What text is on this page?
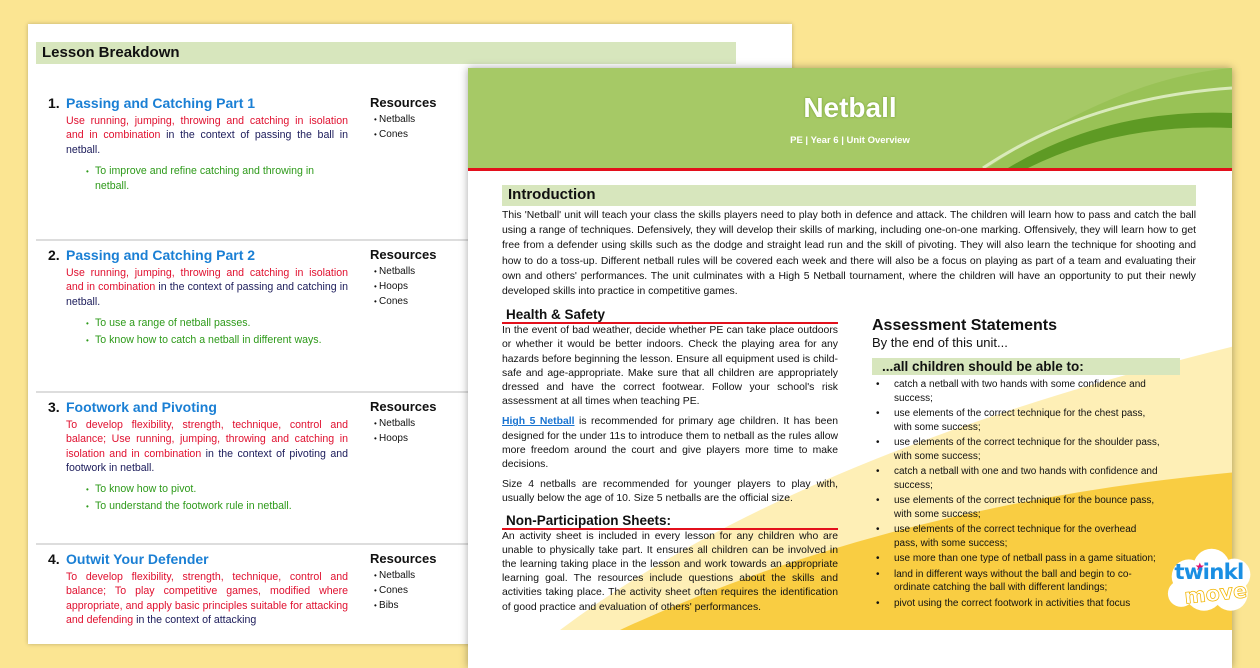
Lesson Breakdown
1. Passing and Catching Part 1
Use running, jumping, throwing and catching in isolation and in combination in the context of passing the ball in netball.
• To improve and refine catching and throwing in netball.
Resources
• Netballs
• Cones
2. Passing and Catching Part 2
Use running, jumping, throwing and catching in isolation and in combination in the context of passing and catching in netball.
• To use a range of netball passes.
• To know how to catch a netball in different ways.
Resources
• Netballs
• Hoops
• Cones
3. Footwork and Pivoting
To develop flexibility, strength, technique, control and balance; Use running, jumping, throwing and catching in isolation and in combination in the context of pivoting and footwork in netball.
• To know how to pivot.
• To understand the footwork rule in netball.
Resources
• Netballs
• Hoops
4. Outwit Your Defender
To develop flexibility, strength, technique, control and balance; To play competitive games, modified where appropriate, and apply basic principles suitable for attacking and defending in the context of attacking
Resources
• Netballs
• Cones
• Bibs
Netball
PE | Year 6 | Unit Overview
Introduction
This 'Netball' unit will teach your class the skills players need to play both in defence and attack. The children will learn how to pass and catch the ball using a range of techniques. Defensively, they will develop their skills of marking, including one-on-one marking. Offensively, they will learn how to get free from a defender using skills such as the dodge and straight lead run and the skill of pivoting. They will also learn the technique for shooting and how to do a toss-up. Different netball rules will be covered each week and there will also be a focus on playing as part of a team and evaluating their own and others' performances. The unit culminates with a High 5 Netball tournament, where the children will have an opportunity to put their newly developed skills into practice in competitive games.
Health & Safety
In the event of bad weather, decide whether PE can take place outdoors or whether it would be better indoors. Check the playing area for any hazards before beginning the lesson. Ensure all equipment used is child-safe and age-appropriate. Make sure that all children are appropriately dressed and have the correct footwear. Follow your school's risk assessment at all times when teaching PE.
High 5 Netball is recommended for primary age children. It has been designed for the under 11s to introduce them to netball as the rules allow more freedom around the court and give players more time to make decisions.
Size 4 netballs are recommended for younger players to play with, usually below the age of 10. Size 5 netballs are the official size.
Non-Participation Sheets:
An activity sheet is included in every lesson for any children who are unable to physically take part. It ensures all children can be involved in the learning taking place in the lesson and work towards an appropriate learning goal. The resources include questions about the skills and activities taking place. The activity sheet often requires the identification of good practice and evaluation of others' performances.
Assessment Statements
By the end of this unit...
...all children should be able to:
• catch a netball with two hands with some confidence and success;
• use elements of the correct technique for the chest pass, with some success;
• use elements of the correct technique for the shoulder pass, with some success;
• catch a netball with one and two hands with confidence and success;
• use elements of the correct technique for the bounce pass, with some success;
• use elements of the correct technique for the overhead pass, with some success;
• use more than one type of netball pass in a game situation;
• land in different ways without the ball and begin to co-ordinate catching the ball with different landings;
• pivot using the correct footwork in activities that focus
twinkl
move
